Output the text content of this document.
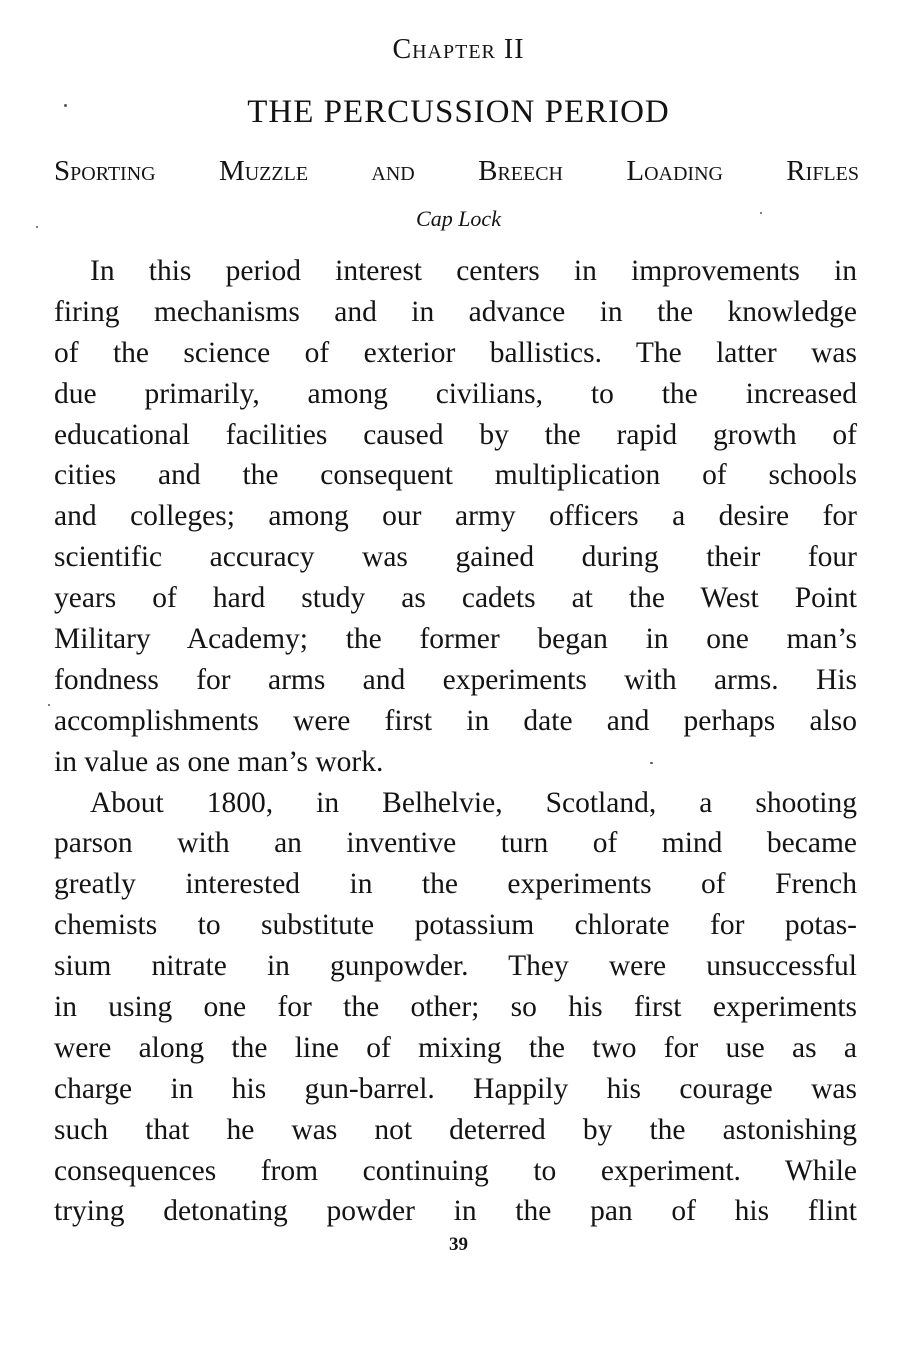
Chapter II
THE PERCUSSION PERIOD
Sporting Muzzle and Breech Loading Rifles
Cap Lock
In this period interest centers in improvements in
firing mechanisms and in advance in the knowledge
of the science of exterior ballistics. The latter was
due primarily, among civilians, to the increased
educational facilities caused by the rapid growth of
cities and the consequent multiplication of schools
and colleges; among our army officers a desire for
scientific accuracy was gained during their four
years of hard study as cadets at the West Point
Military Academy; the former began in one man’s
fondness for arms and experiments with arms. His
accomplishments were first in date and perhaps also
in value as one man’s work.
About 1800, in Belhelvie, Scotland, a shooting
parson with an inventive turn of mind became
greatly interested in the experiments of French
chemists to substitute potassium chlorate for potas-
sium nitrate in gunpowder. They were unsuccessful
in using one for the other; so his first experiments
were along the line of mixing the two for use as a
charge in his gun-barrel. Happily his courage was
such that he was not deterred by the astonishing
consequences from continuing to experiment. While
trying detonating powder in the pan of his flint
39
